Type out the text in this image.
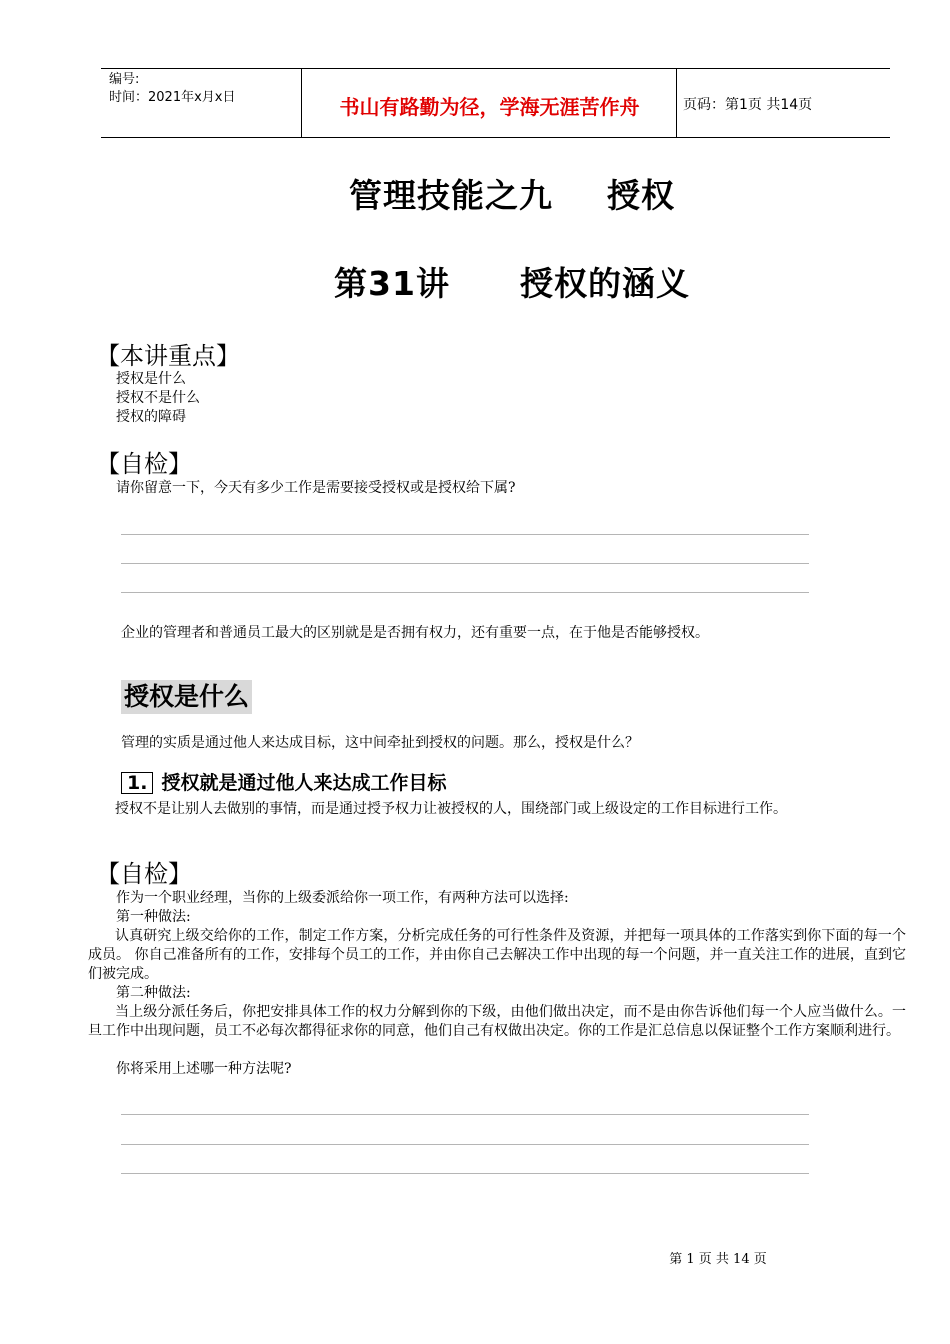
编号:
时间：2021年x月x日	书山有路勤为径，学海无涯苦作舟	页码：第1页 共14页
管理技能之九 授权
第31讲 授权的涵义
【本讲重点】
授权是什么
授权不是什么
授权的障碍
【自检】
请你留意一下，今天有多少工作是需要接受授权或是授权给下属?
企业的管理者和普通员工最大的区别就是是否拥有权力，还有重要一点，在于他是否能够授权。
授权是什么
管理的实质是通过他人来达成目标，这中间牵扯到授权的问题。那么，授权是什么？
1. 授权就是通过他人来达成工作目标
授权不是让别人去做别的事情，而是通过授予权力让被授权的人，围绕部门或上级设定的工作目标进行工作。
【自检】
作为一个职业经理，当你的上级委派给你一项工作，有两种方法可以选择:
第一种做法:
认真研究上级交给你的工作，制定工作方案，分析完成任务的可行性条件及资源，并把每一项具体的工作落实到你下面的每一个成员。 你自己准备所有的工作，安排每个员工的工作，并由你自己去解决工作中出现的每一个问题，并一直关注工作的进展，直到它们被完成。
第二种做法:
当上级分派任务后，你把安排具体工作的权力分解到你的下级，由他们做出决定，而不是由你告诉他们每一个人应当做什么。一旦工作中出现问题，员工不必每次都得征求你的同意，他们自己有权做出决定。你的工作是汇总信息以保证整个工作方案顺利进行。
你将采用上述哪一种方法呢?
第 1 页 共 14 页
